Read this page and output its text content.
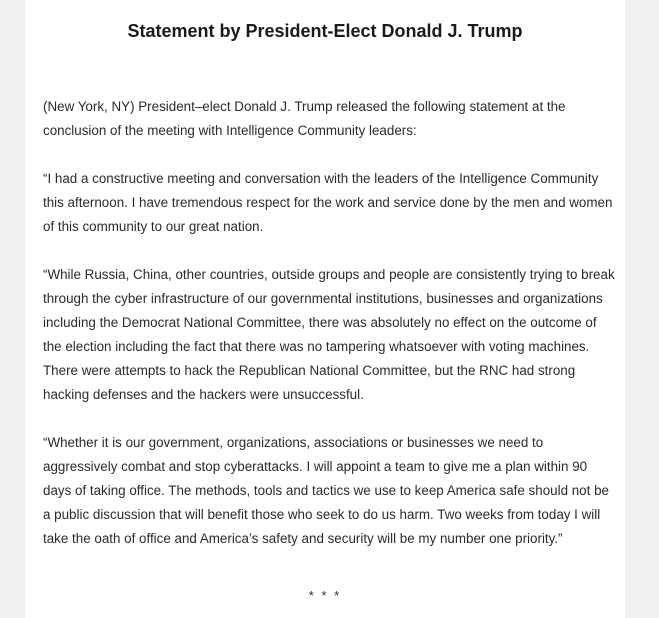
Statement by President-Elect Donald J. Trump

(New York, NY) President–elect Donald J. Trump released the following statement at the conclusion of the meeting with Intelligence Community leaders:

“I had a constructive meeting and conversation with the leaders of the Intelligence Community this afternoon. I have tremendous respect for the work and service done by the men and women of this community to our great nation.

“While Russia, China, other countries, outside groups and people are consistently trying to break through the cyber infrastructure of our governmental institutions, businesses and organizations including the Democrat National Committee, there was absolutely no effect on the outcome of the election including the fact that there was no tampering whatsoever with voting machines. There were attempts to hack the Republican National Committee, but the RNC had strong hacking defenses and the hackers were unsuccessful.

“Whether it is our government, organizations, associations or businesses we need to aggressively combat and stop cyberattacks. I will appoint a team to give me a plan within 90 days of taking office. The methods, tools and tactics we use to keep America safe should not be a public discussion that will benefit those who seek to do us harm. Two weeks from today I will take the oath of office and America’s safety and security will be my number one priority.”

* * *
